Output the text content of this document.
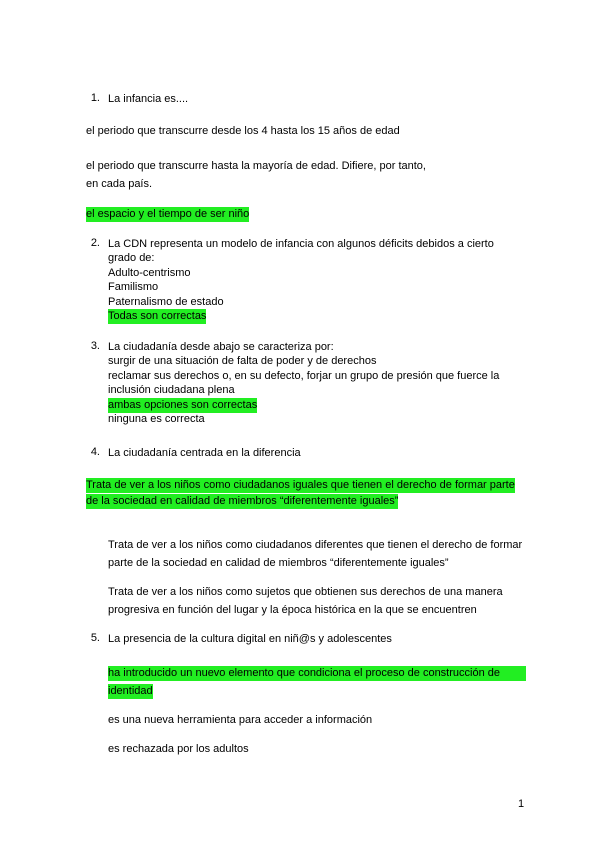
1. La infancia es....
el periodo que transcurre desde los 4 hasta los 15 años de edad
el periodo que transcurre hasta la mayoría de edad. Difiere, por tanto,
en cada país.
el espacio y el tiempo de ser niño
2. La CDN representa un modelo de infancia con algunos déficits debidos a cierto
grado de:
Adulto-centrismo
Familismo
Paternalismo de estado
Todas son correctas
3. La ciudadanía desde abajo se caracteriza por:
surgir de una situación de falta de poder y de derechos
reclamar sus derechos o, en su defecto, forjar un grupo de presión que fuerce la
inclusión ciudadana plena
ambas opciones son correctas
ninguna es correcta
4. La ciudadanía centrada en la diferencia
Trata de ver a los niños como ciudadanos iguales que tienen el derecho de formar parte
de la sociedad en calidad de miembros “diferentemente iguales”
Trata de ver a los niños como ciudadanos diferentes que tienen el derecho de formar
parte de la sociedad en calidad de miembros “diferentemente iguales”
Trata de ver a los niños como sujetos que obtienen sus derechos de una manera
progresiva en función del lugar y la época histórica en la que se encuentren
5. La presencia de la cultura digital en niñ@s y adolescentes
ha introducido un nuevo elemento que condiciona el proceso de construcción de
identidad
es una nueva herramienta para acceder a información
es rechazada por los adultos
1
